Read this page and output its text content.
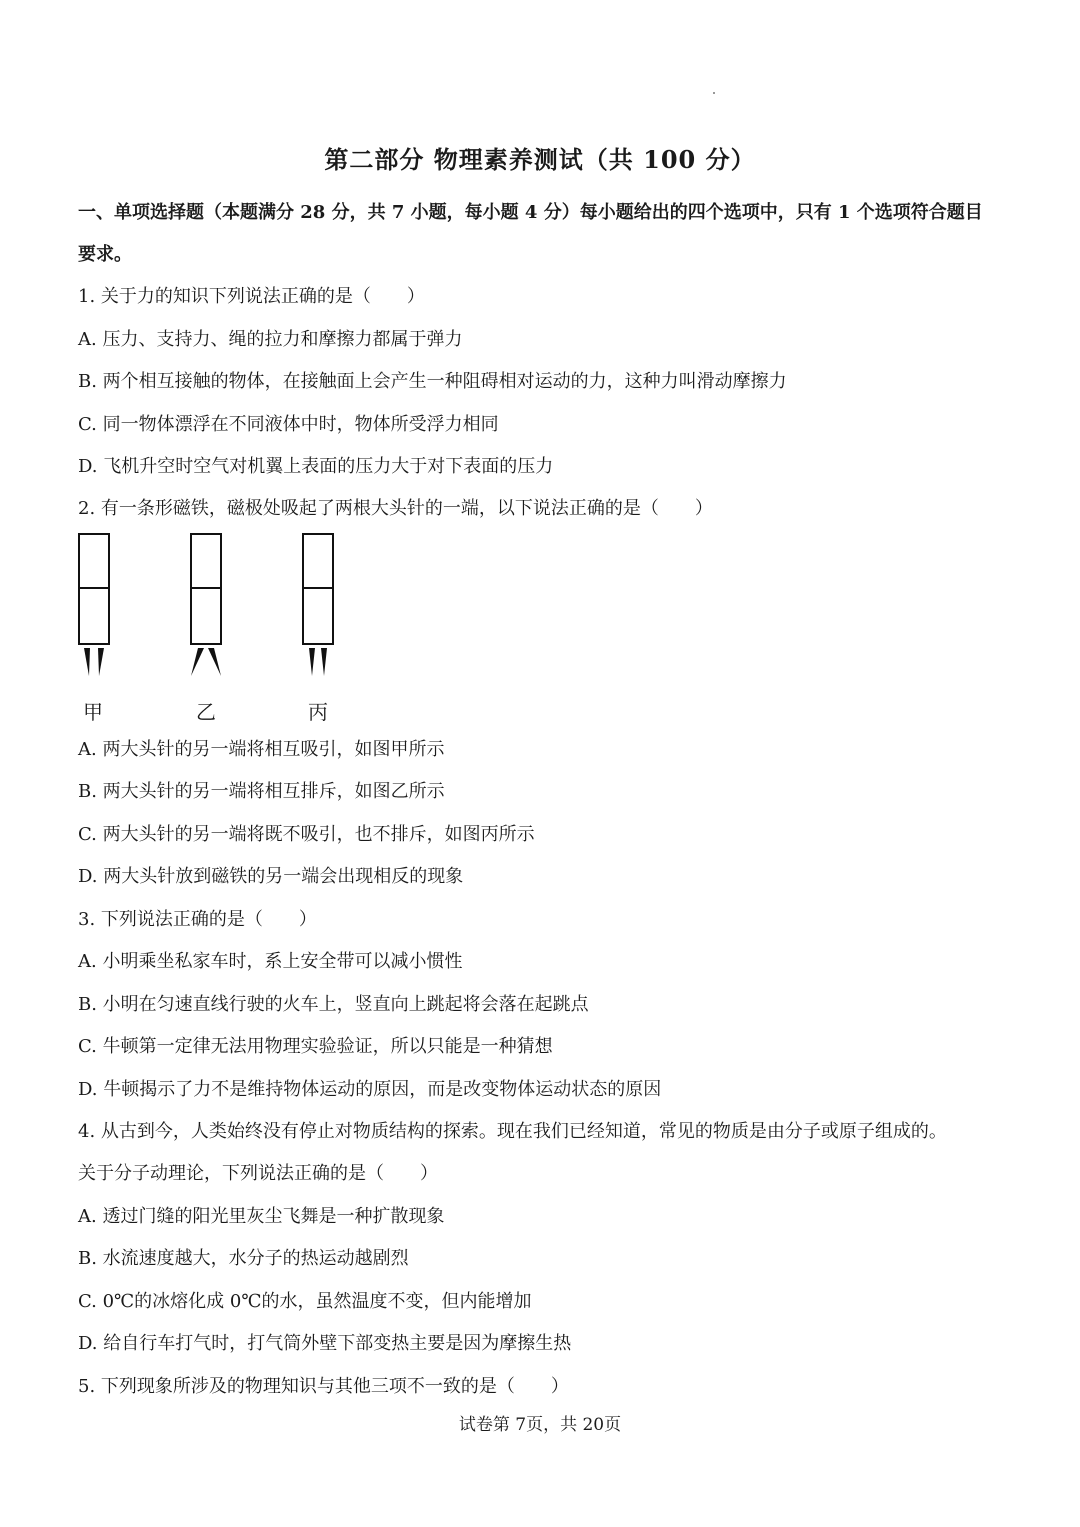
第二部分 物理素养测试（共 100 分）
一、单项选择题（本题满分 28 分，共 7 小题，每小题 4 分）每小题给出的四个选项中，只有 1 个选项符合题目
要求。
1. 关于力的知识下列说法正确的是（　　）
A. 压力、支持力、绳的拉力和摩擦力都属于弹力
B. 两个相互接触的物体，在接触面上会产生一种阻碍相对运动的力，这种力叫滑动摩擦力
C. 同一物体漂浮在不同液体中时，物体所受浮力相同
D. 飞机升空时空气对机翼上表面的压力大于对下表面的压力
2. 有一条形磁铁，磁极处吸起了两根大头针的一端，以下说法正确的是（　　）
甲	乙	丙
A. 两大头针的另一端将相互吸引，如图甲所示
B. 两大头针的另一端将相互排斥，如图乙所示
C. 两大头针的另一端将既不吸引，也不排斥，如图丙所示
D. 两大头针放到磁铁的另一端会出现相反的现象
3. 下列说法正确的是（　　）
A. 小明乘坐私家车时，系上安全带可以减小惯性
B. 小明在匀速直线行驶的火车上，竖直向上跳起将会落在起跳点
C. 牛顿第一定律无法用物理实验验证，所以只能是一种猜想
D. 牛顿揭示了力不是维持物体运动的原因，而是改变物体运动状态的原因
4. 从古到今，人类始终没有停止对物质结构的探索。现在我们已经知道，常见的物质是由分子或原子组成的。
关于分子动理论，下列说法正确的是（　　）
A. 透过门缝的阳光里灰尘飞舞是一种扩散现象
B. 水流速度越大，水分子的热运动越剧烈
C. 0℃的冰熔化成 0℃的水，虽然温度不变，但内能增加
D. 给自行车打气时，打气筒外壁下部变热主要是因为摩擦生热
5. 下列现象所涉及的物理知识与其他三项不一致的是（　　）
试卷第 7页，共 20页
